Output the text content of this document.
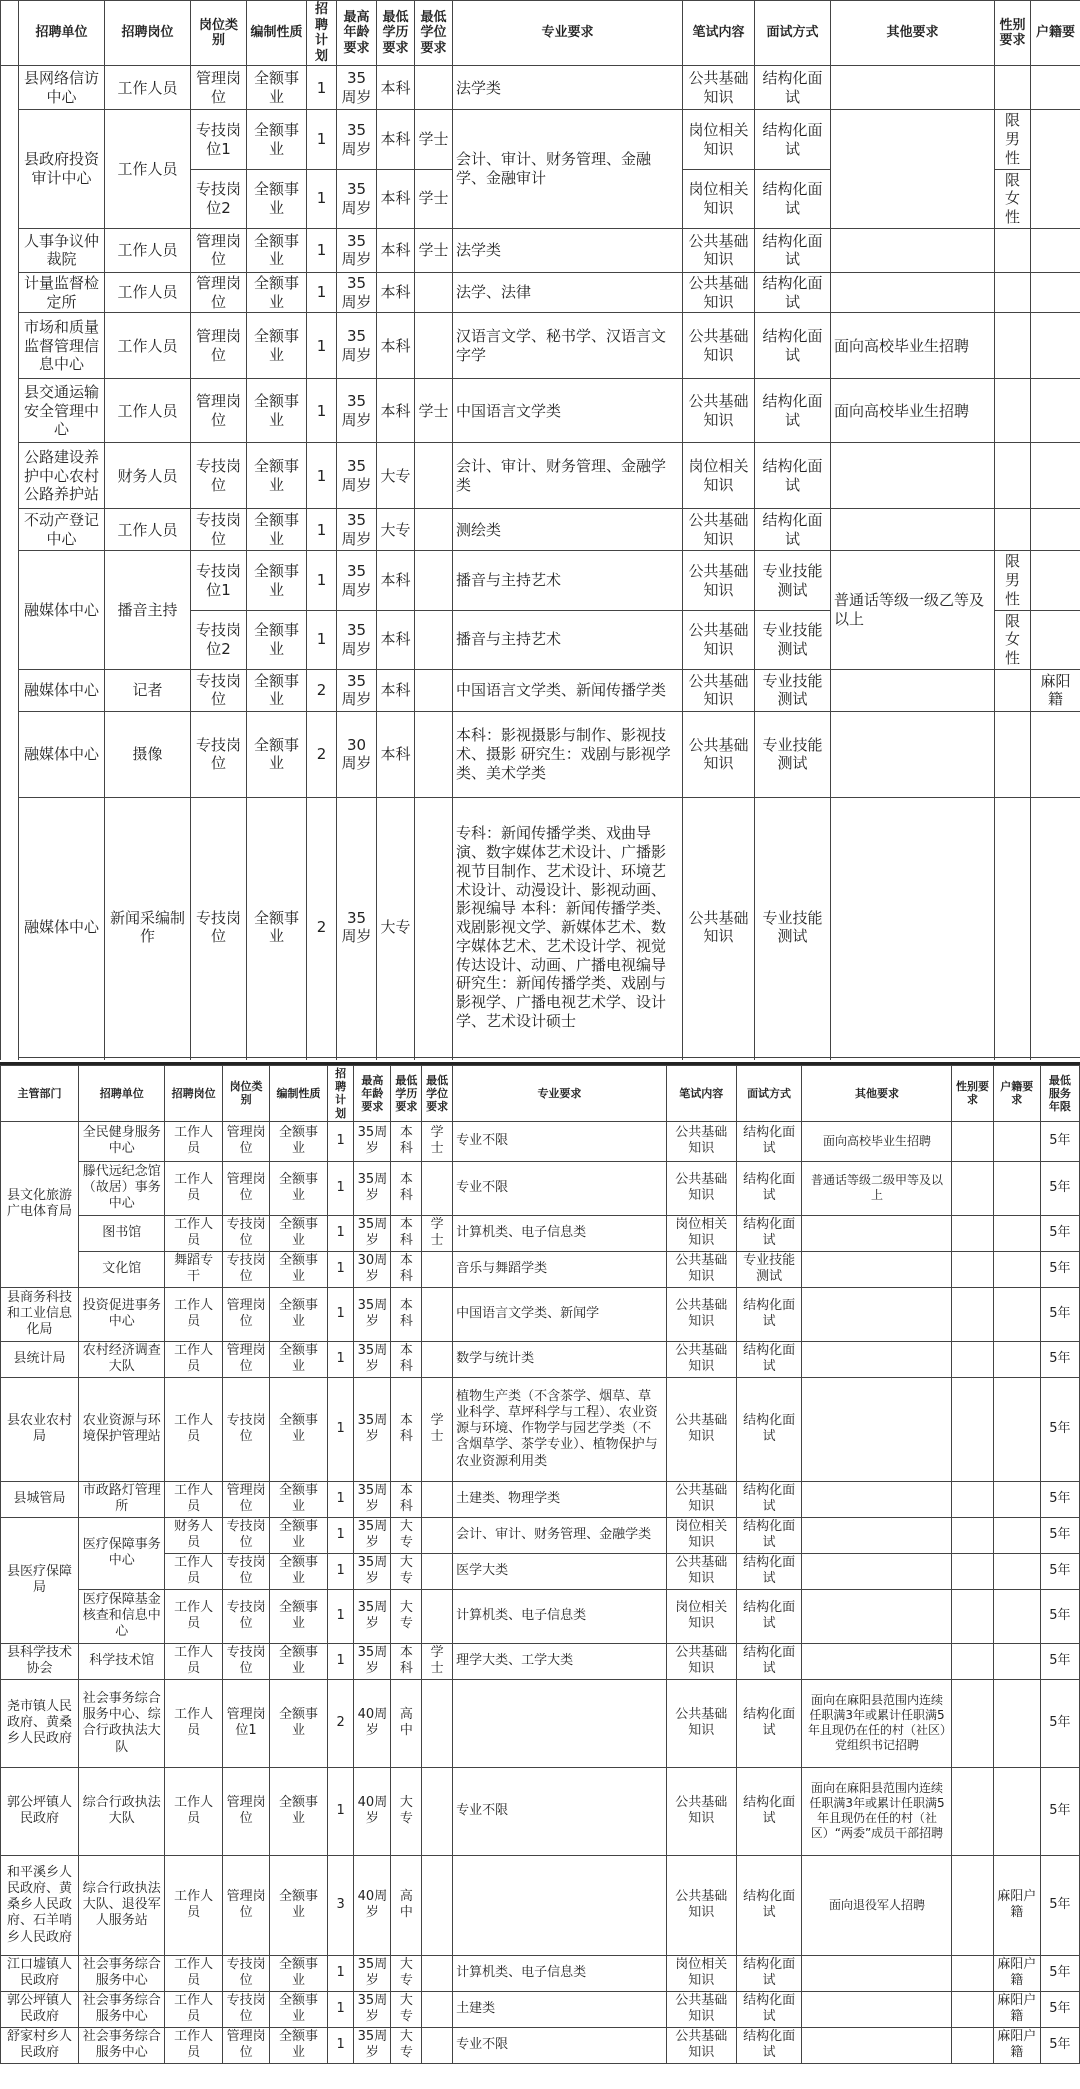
	招聘单位	招聘岗位	岗位类别	编制性质	招聘计划	最高年龄要求	最低学历要求	最低学位要求	专业要求	笔试内容	面试方式	其他要求	性别要求	户籍要
	县网络信访中心	工作人员	管理岗位	全额事业	1	35周岁	本科		法学类	公共基础知识	结构化面试			
	县政府投资审计中心	工作人员	专技岗位1	全额事业	1	35周岁	本科	学士	会计、审计、财务管理、金融学、金融审计	岗位相关知识	结构化面试		限男性	
			专技岗位2	全额事业	1	35周岁	本科	学士		岗位相关知识	结构化面试		限女性	
	人事争议仲裁院	工作人员	管理岗位	全额事业	1	35周岁	本科	学士	法学类	公共基础知识	结构化面试			
	计量监督检定所	工作人员	管理岗位	全额事业	1	35周岁	本科		法学、法律	公共基础知识	结构化面试			
	市场和质量监督管理信息中心	工作人员	管理岗位	全额事业	1	35周岁	本科		汉语言文学、秘书学、汉语言文字学	公共基础知识	结构化面试	面向高校毕业生招聘		
	县交通运输安全管理中心	工作人员	管理岗位	全额事业	1	35周岁	本科	学士	中国语言文学类	公共基础知识	结构化面试	面向高校毕业生招聘		
	公路建设养护中心农村公路养护站	财务人员	专技岗位	全额事业	1	35周岁	大专		会计、审计、财务管理、金融学类	岗位相关知识	结构化面试			
	不动产登记中心	工作人员	专技岗位	全额事业	1	35周岁	大专		测绘类	公共基础知识	结构化面试			
	融媒体中心	播音主持	专技岗位1	全额事业	1	35周岁	本科		播音与主持艺术	公共基础知识	专业技能测试	普通话等级一级乙等及以上	限男性	
			专技岗位2	全额事业	1	35周岁	本科		播音与主持艺术	公共基础知识	专业技能测试		限女性	
	融媒体中心	记者	专技岗位	全额事业	2	35周岁	本科		中国语言文学类、新闻传播学类	公共基础知识	专业技能测试			麻阳籍
	融媒体中心	摄像	专技岗位	全额事业	2	30周岁	本科		本科：影视摄影与制作、影视技术、摄影 研究生：戏剧与影视学类、美术学类	公共基础知识	专业技能测试			
	融媒体中心	新闻采编制作	专技岗位	全额事业	2	35周岁	大专		专科：新闻传播学类、戏曲导演、数字媒体艺术设计、广播影视节目制作、艺术设计、环境艺术设计、动漫设计、影视动画、影视编导 本科：新闻传播学类、戏剧影视文学、新媒体艺术、数字媒体艺术、艺术设计学、视觉传达设计、动画、广播电视编导 研究生：新闻传播学类、戏剧与影视学、广播电视艺术学、设计学、艺术设计硕士	公共基础知识	专业技能测试			

主管部门	招聘单位	招聘岗位	岗位类别	编制性质	招聘计划	最高年龄要求	最低学历要求	最低学位要求	专业要求	笔试内容	面试方式	其他要求	性别要求	户籍要求	最低服务年限
县文化旅游广电体育局	全民健身服务中心	工作人员	管理岗位	全额事业	1	35周岁	本科	学士	专业不限	公共基础知识	结构化面试	面向高校毕业生招聘			5年
	滕代远纪念馆（故居）事务中心	工作人员	管理岗位	全额事业	1	35周岁	本科		专业不限	公共基础知识	结构化面试	普通话等级二级甲等及以上			5年
	图书馆	工作人员	专技岗位	全额事业	1	35周岁	本科	学士	计算机类、电子信息类	岗位相关知识	结构化面试				5年
	文化馆	舞蹈专干	专技岗位	全额事业	1	30周岁	本科		音乐与舞蹈学类	公共基础知识	专业技能测试				5年
县商务科技和工业信息化局	投资促进事务中心	工作人员	管理岗位	全额事业	1	35周岁	本科		中国语言文学类、新闻学	公共基础知识	结构化面试				5年
县统计局	农村经济调查大队	工作人员	管理岗位	全额事业	1	35周岁	本科		数学与统计类	公共基础知识	结构化面试				5年
县农业农村局	农业资源与环境保护管理站	工作人员	专技岗位	全额事业	1	35周岁	本科	学士	植物生产类（不含茶学、烟草、草业科学、草坪科学与工程）、农业资源与环境、作物学与园艺学类（不含烟草学、茶学专业）、植物保护与农业资源利用类	公共基础知识	结构化面试				5年
县城管局	市政路灯管理所	工作人员	管理岗位	全额事业	1	35周岁	本科		土建类、物理学类	公共基础知识	结构化面试				5年
县医疗保障局	医疗保障事务中心	财务人员	专技岗位	全额事业	1	35周岁	大专		会计、审计、财务管理、金融学类	岗位相关知识	结构化面试				5年
		工作人员	专技岗位	全额事业	1	35周岁	大专		医学大类	公共基础知识	结构化面试				5年
	医疗保障基金核查和信息中心	工作人员	专技岗位	全额事业	1	35周岁	大专		计算机类、电子信息类	岗位相关知识	结构化面试				5年
县科学技术协会	科学技术馆	工作人员	专技岗位	全额事业	1	35周岁	本科	学士	理学大类、工学大类	公共基础知识	结构化面试				5年
尧市镇人民政府、黄桑乡人民政府	社会事务综合服务中心、综合行政执法大队	工作人员	管理岗位1	全额事业	2	40周岁	高中			公共基础知识	结构化面试	面向在麻阳县范围内连续任职满3年或累计任职满5年且现仍在任的村（社区）党组织书记招聘			5年
郭公坪镇人民政府	综合行政执法大队	工作人员	管理岗位	全额事业	1	40周岁	大专		专业不限	公共基础知识	结构化面试	面向在麻阳县范围内连续任职满3年或累计任职满5年且现仍在任的村（社区）“两委”成员干部招聘			5年
和平溪乡人民政府、黄桑乡人民政府、石羊哨乡人民政府	综合行政执法大队、退役军人服务站	工作人员	管理岗位	全额事业	3	40周岁	高中			公共基础知识	结构化面试	面向退役军人招聘		麻阳户籍	5年
江口墟镇人民政府	社会事务综合服务中心	工作人员	专技岗位	全额事业	1	35周岁	大专		计算机类、电子信息类	岗位相关知识	结构化面试			麻阳户籍	5年
郭公坪镇人民政府	社会事务综合服务中心	工作人员	专技岗位	全额事业	1	35周岁	大专		土建类	公共基础知识	结构化面试			麻阳户籍	5年
舒家村乡人民政府	社会事务综合服务中心	工作人员	管理岗位	全额事业	1	35周岁	大专		专业不限	公共基础知识	结构化面试			麻阳户籍	5年
